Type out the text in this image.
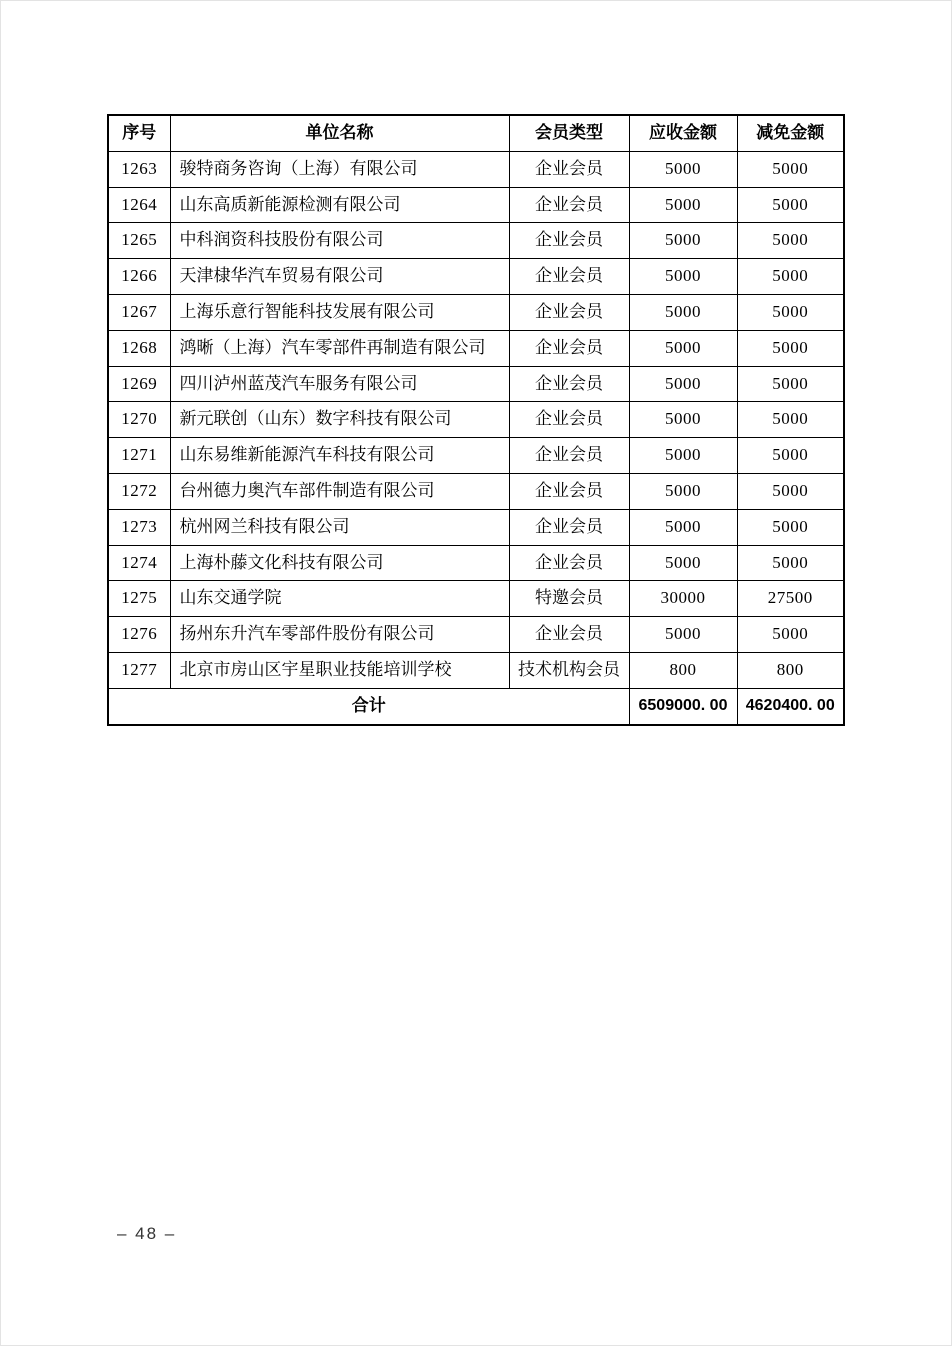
序号	单位名称	会员类型	应收金额	减免金额
1263	骏特商务咨询（上海）有限公司	企业会员	5000	5000
1264	山东高质新能源检测有限公司	企业会员	5000	5000
1265	中科润资科技股份有限公司	企业会员	5000	5000
1266	天津棣华汽车贸易有限公司	企业会员	5000	5000
1267	上海乐意行智能科技发展有限公司	企业会员	5000	5000
1268	鸿晰（上海）汽车零部件再制造有限公司	企业会员	5000	5000
1269	四川泸州蓝茂汽车服务有限公司	企业会员	5000	5000
1270	新元联创（山东）数字科技有限公司	企业会员	5000	5000
1271	山东易维新能源汽车科技有限公司	企业会员	5000	5000
1272	台州德力奥汽车部件制造有限公司	企业会员	5000	5000
1273	杭州网兰科技有限公司	企业会员	5000	5000
1274	上海朴藤文化科技有限公司	企业会员	5000	5000
1275	山东交通学院	特邀会员	30000	27500
1276	扬州东升汽车零部件股份有限公司	企业会员	5000	5000
1277	北京市房山区宇星职业技能培训学校	技术机构会员	800	800
合计			6509000. 00	4620400. 00
– 48 –
